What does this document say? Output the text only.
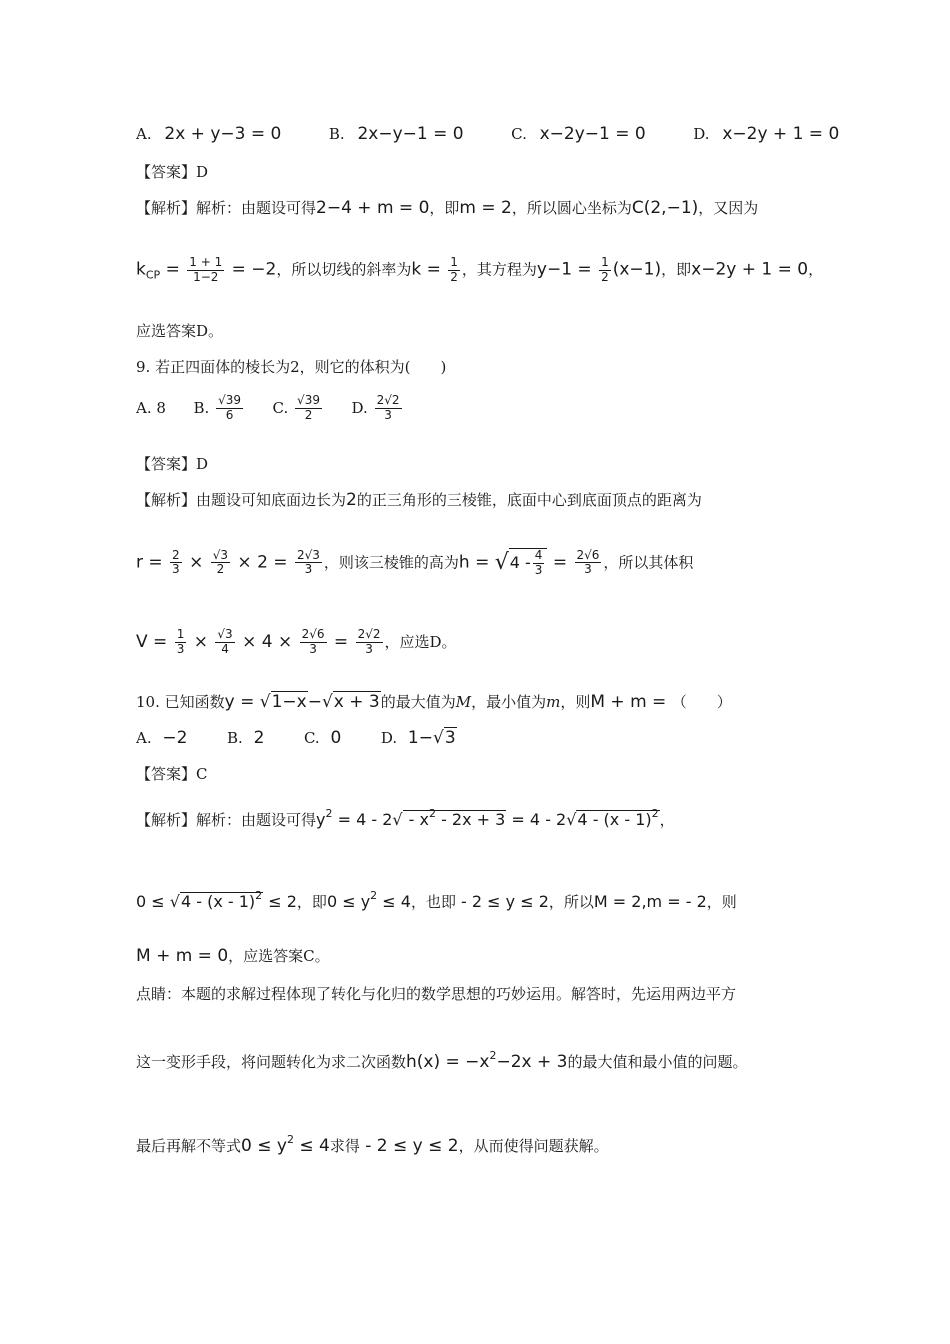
A. 2x + y−3 = 0	B. 2x−y−1 = 0	C. x−2y−1 = 0	D. x−2y + 1 = 0
【答案】D
【解析】解析：由题设可得2−4 + m = 0，即m = 2，所以圆心坐标为C(2,−1)，又因为
$k_{CP} = \frac{1 + 1}{1-2} = -2$，所以切线的斜率为$k = \frac{1}{2}$ ，其方程为$y-1 = \frac{1}{2} (x-1)$，即x−2y + 1 = 0，
应选答案D。
9. 若正四面体的棱长为2，则它的体积为(　　)
A. 8 B. $\frac{√39}{6} C$. $\frac{√39}{2} D$. $\frac{2√2}{3}$
【答案】D
【解析】由题设可知底面边长为2的正三角形的三棱锥，底面中心到底面顶点的距离为
$r = \frac{2}{3} \times \frac{√3}{2} \times 2 = \frac{2√3}{3}$ ，则该三棱锥的高为h = √ $4 - \frac{4}{3} = \frac{2√6}{3}$ ，所以其体积
$V = \frac{1}{3} \times \frac{√3}{4} \times 4 \times \frac{2√6}{3} = \frac{2√2}{3}$ ，应选D。
10. 已知函数y = √1−x−√x + 3的最大值为M，最小值为m，则M + m = （　　）
A. −2	B. 2	C. 0	D. 1−√3
【答案】C
【解析】解析：由题设可得$y^2 = 4 - 2√ - x^2 - 2x + 3 = 4 - 2√4 - (x - 1)^2$，
0 ≤ √4 - (x - 1)$^2$ ≤ 2，即$0 \le y^2 \le 4$，也即 - 2 ≤ y ≤ 2，所以M = 2,m = - 2，则
M + m = 0，应选答案C。
点睛：本题的求解过程体现了转化与化归的数学思想的巧妙运用。解答时，先运用两边平方
这一变形手段，将问题转化为求二次函数$h(x) = -x^2-2x + 3$的最大值和最小值的问题。
最后再解不等式$0 \le y^2 \le 4$求得 - 2 ≤ y ≤ 2，从而使得问题获解。
